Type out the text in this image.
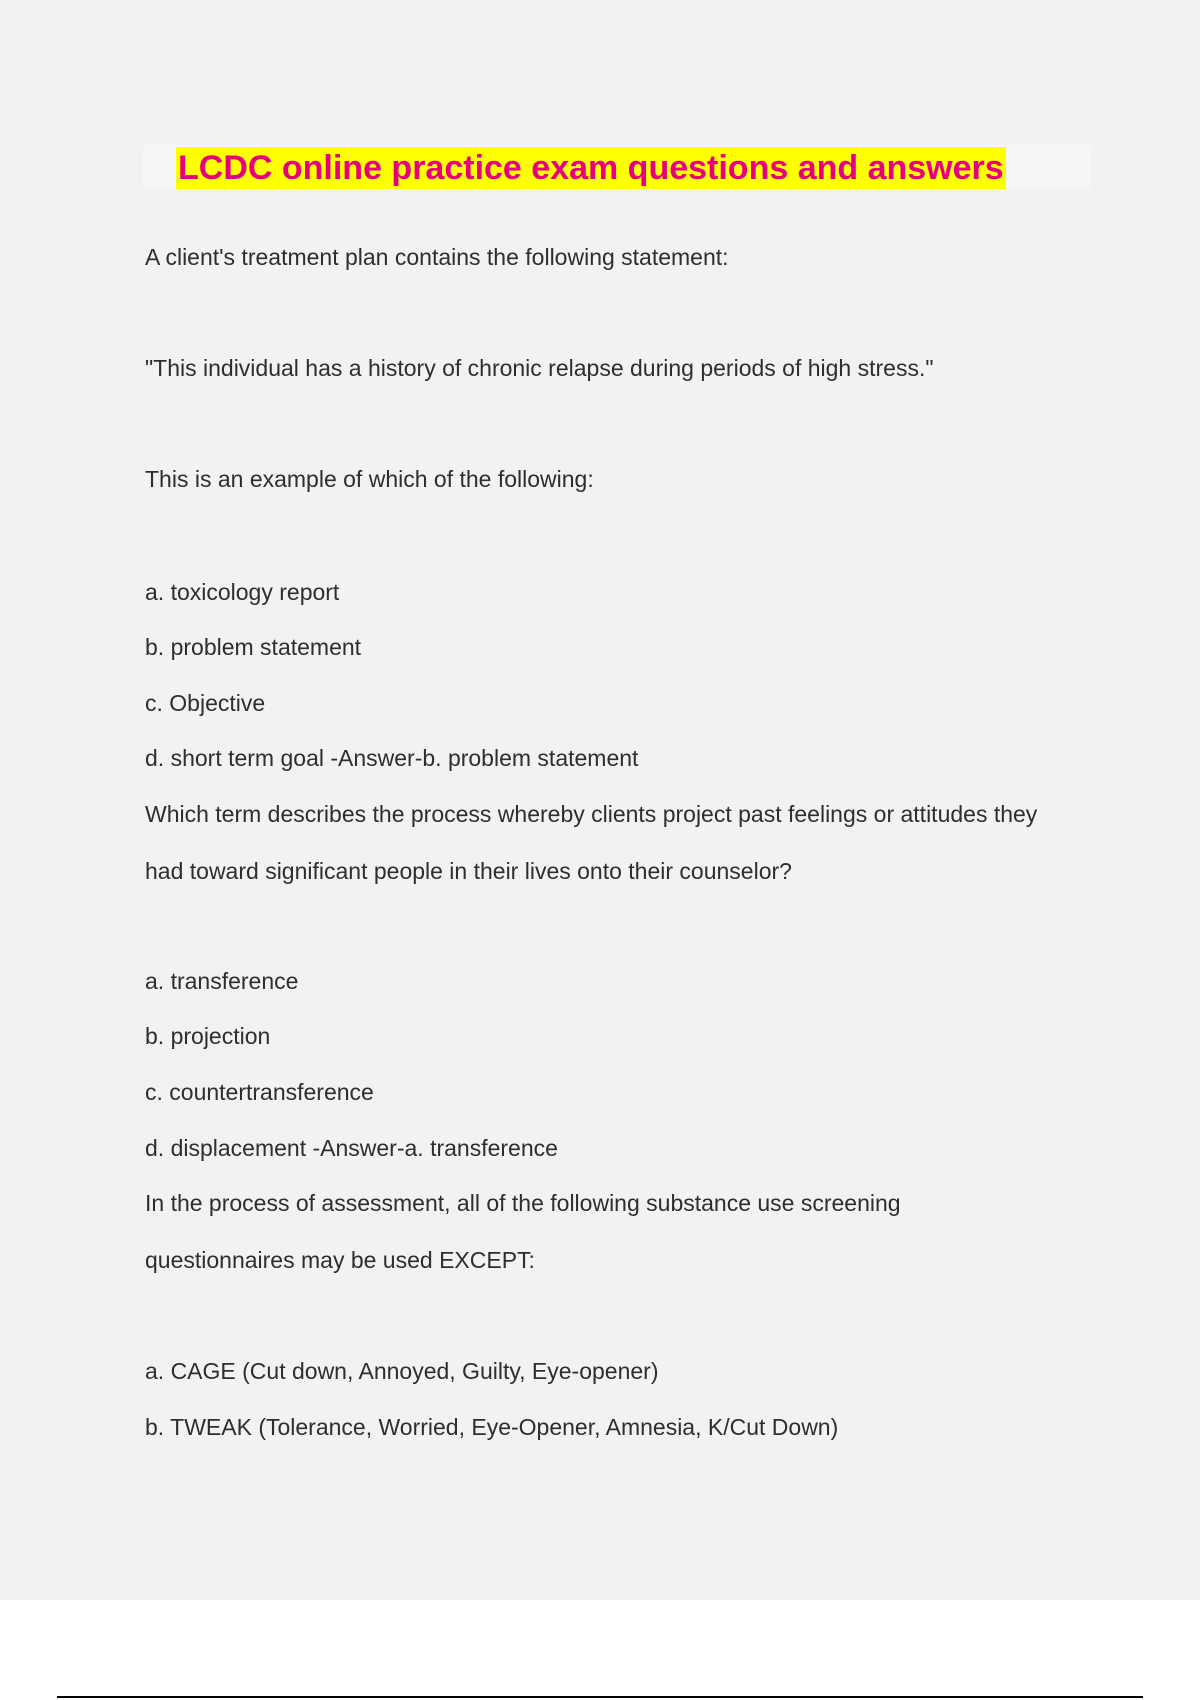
LCDC online practice exam questions and answers
A client's treatment plan contains the following statement:
"This individual has a history of chronic relapse during periods of high stress."
This is an example of which of the following:
a. toxicology report
b. problem statement
c. Objective
d. short term goal -Answer-b. problem statement
Which term describes the process whereby clients project past feelings or attitudes they
had toward significant people in their lives onto their counselor?
a. transference
b. projection
c. countertransference
d. displacement -Answer-a. transference
In the process of assessment, all of the following substance use screening
questionnaires may be used EXCEPT:
a. CAGE (Cut down, Annoyed, Guilty, Eye-opener)
b. TWEAK (Tolerance, Worried, Eye-Opener, Amnesia, K/Cut Down)
